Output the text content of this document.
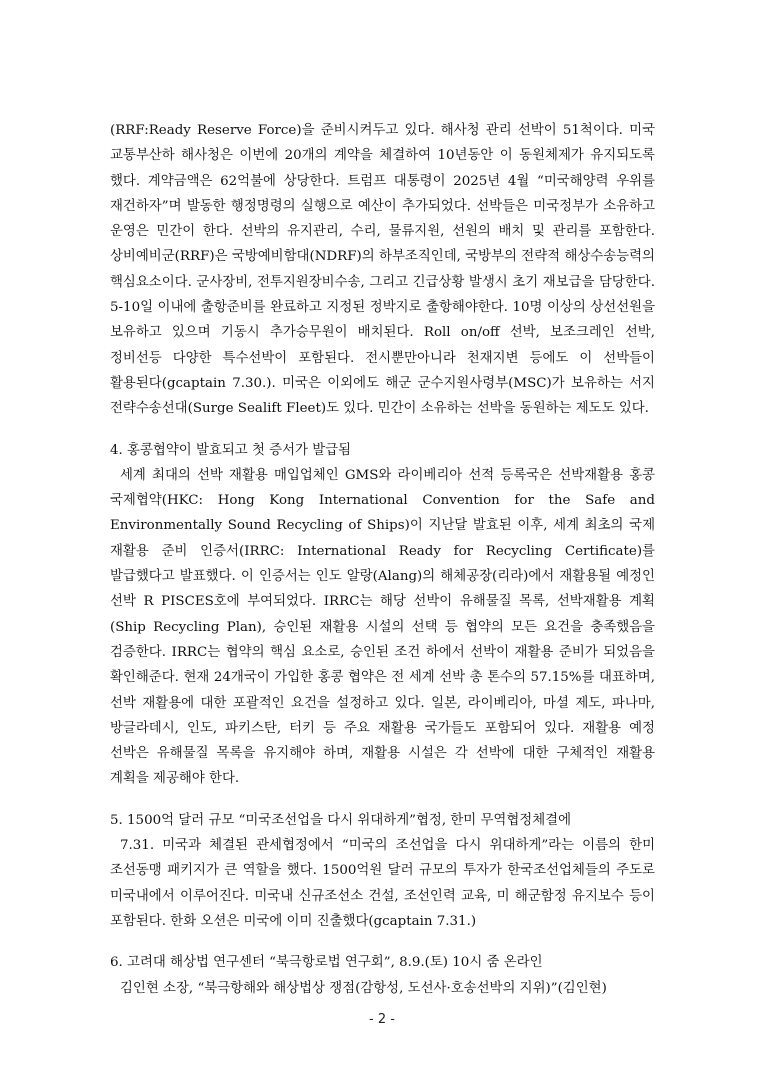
(RRF:Ready Reserve Force)을 준비시켜두고 있다. 해사청 관리 선박이 51척이다. 미국 교통부산하 해사청은 이번에 20개의 계약을 체결하여 10년동안 이 동원체제가 유지되도록 했다. 계약금액은 62억불에 상당한다. 트럼프 대통령이 2025년 4월 “미국해양력 우위를 재건하자”며 발동한 행정명령의 실행으로 예산이 추가되었다. 선박들은 미국정부가 소유하고 운영은 민간이 한다. 선박의 유지관리, 수리, 물류지원, 선원의 배치 및 관리를 포함한다. 상비예비군(RRF)은 국방예비함대(NDRF)의 하부조직인데, 국방부의 전략적 해상수송능력의 핵심요소이다. 군사장비, 전투지원장비수송, 그리고 긴급상황 발생시 초기 재보급을 담당한다. 5-10일 이내에 출항준비를 완료하고 지정된 정박지로 출항해야한다. 10명 이상의 상선선원을 보유하고 있으며 기동시 추가승무원이 배치된다. Roll on/off 선박, 보조크레인 선박, 정비선등 다양한 특수선박이 포함된다. 전시뿐만아니라 천재지변 등에도 이 선박들이 활용된다(gcaptain 7.30.). 미국은 이외에도 해군 군수지원사령부(MSC)가 보유하는 서지 전략수송선대(Surge Sealift Fleet)도 있다. 민간이 소유하는 선박을 동원하는 제도도 있다.

4. 홍콩협약이 발효되고 첫 증서가 발급됨

세계 최대의 선박 재활용 매입업체인 GMS와 라이베리아 선적 등록국은 선박재활용 홍콩 국제협약(HKC: Hong Kong International Convention for the Safe and Environmentally Sound Recycling of Ships)이 지난달 발효된 이후, 세계 최초의 국제 재활용 준비 인증서(IRRC: International Ready for Recycling Certificate)를 발급했다고 발표했다. 이 인증서는 인도 알랑(Alang)의 해체공장(리라)에서 재활용될 예정인 선박 R PISCES호에 부여되었다. IRRC는 해당 선박이 유해물질 목록, 선박재활용 계획(Ship Recycling Plan), 승인된 재활용 시설의 선택 등 협약의 모든 요건을 충족했음을 검증한다. IRRC는 협약의 핵심 요소로, 승인된 조건 하에서 선박이 재활용 준비가 되었음을 확인해준다. 현재 24개국이 가입한 홍콩 협약은 전 세계 선박 총 톤수의 57.15%를 대표하며, 선박 재활용에 대한 포괄적인 요건을 설정하고 있다. 일본, 라이베리아, 마셜 제도, 파나마, 방글라데시, 인도, 파키스탄, 터키 등 주요 재활용 국가들도 포함되어 있다. 재활용 예정 선박은 유해물질 목록을 유지해야 하며, 재활용 시설은 각 선박에 대한 구체적인 재활용 계획을 제공해야 한다.

5. 1500억 달러 규모 “미국조선업을 다시 위대하게”협정, 한미 무역협정체결에

7.31. 미국과 체결된 관세협정에서 “미국의 조선업을 다시 위대하게”라는 이름의 한미 조선동맹 패키지가 큰 역할을 했다. 1500억원 달러 규모의 투자가 한국조선업체들의 주도로 미국내에서 이루어진다. 미국내 신규조선소 건설, 조선인력 교육, 미 해군함정 유지보수 등이 포함된다. 한화 오션은 미국에 이미 진출했다(gcaptain 7.31.)

6. 고려대 해상법 연구센터 “북극항로법 연구회”, 8.9.(토) 10시 줌 온라인

김인현 소장, “북극항해와 해상법상 쟁점(감항성, 도선사·호송선박의 지위)”(김인현)

- 2 -
